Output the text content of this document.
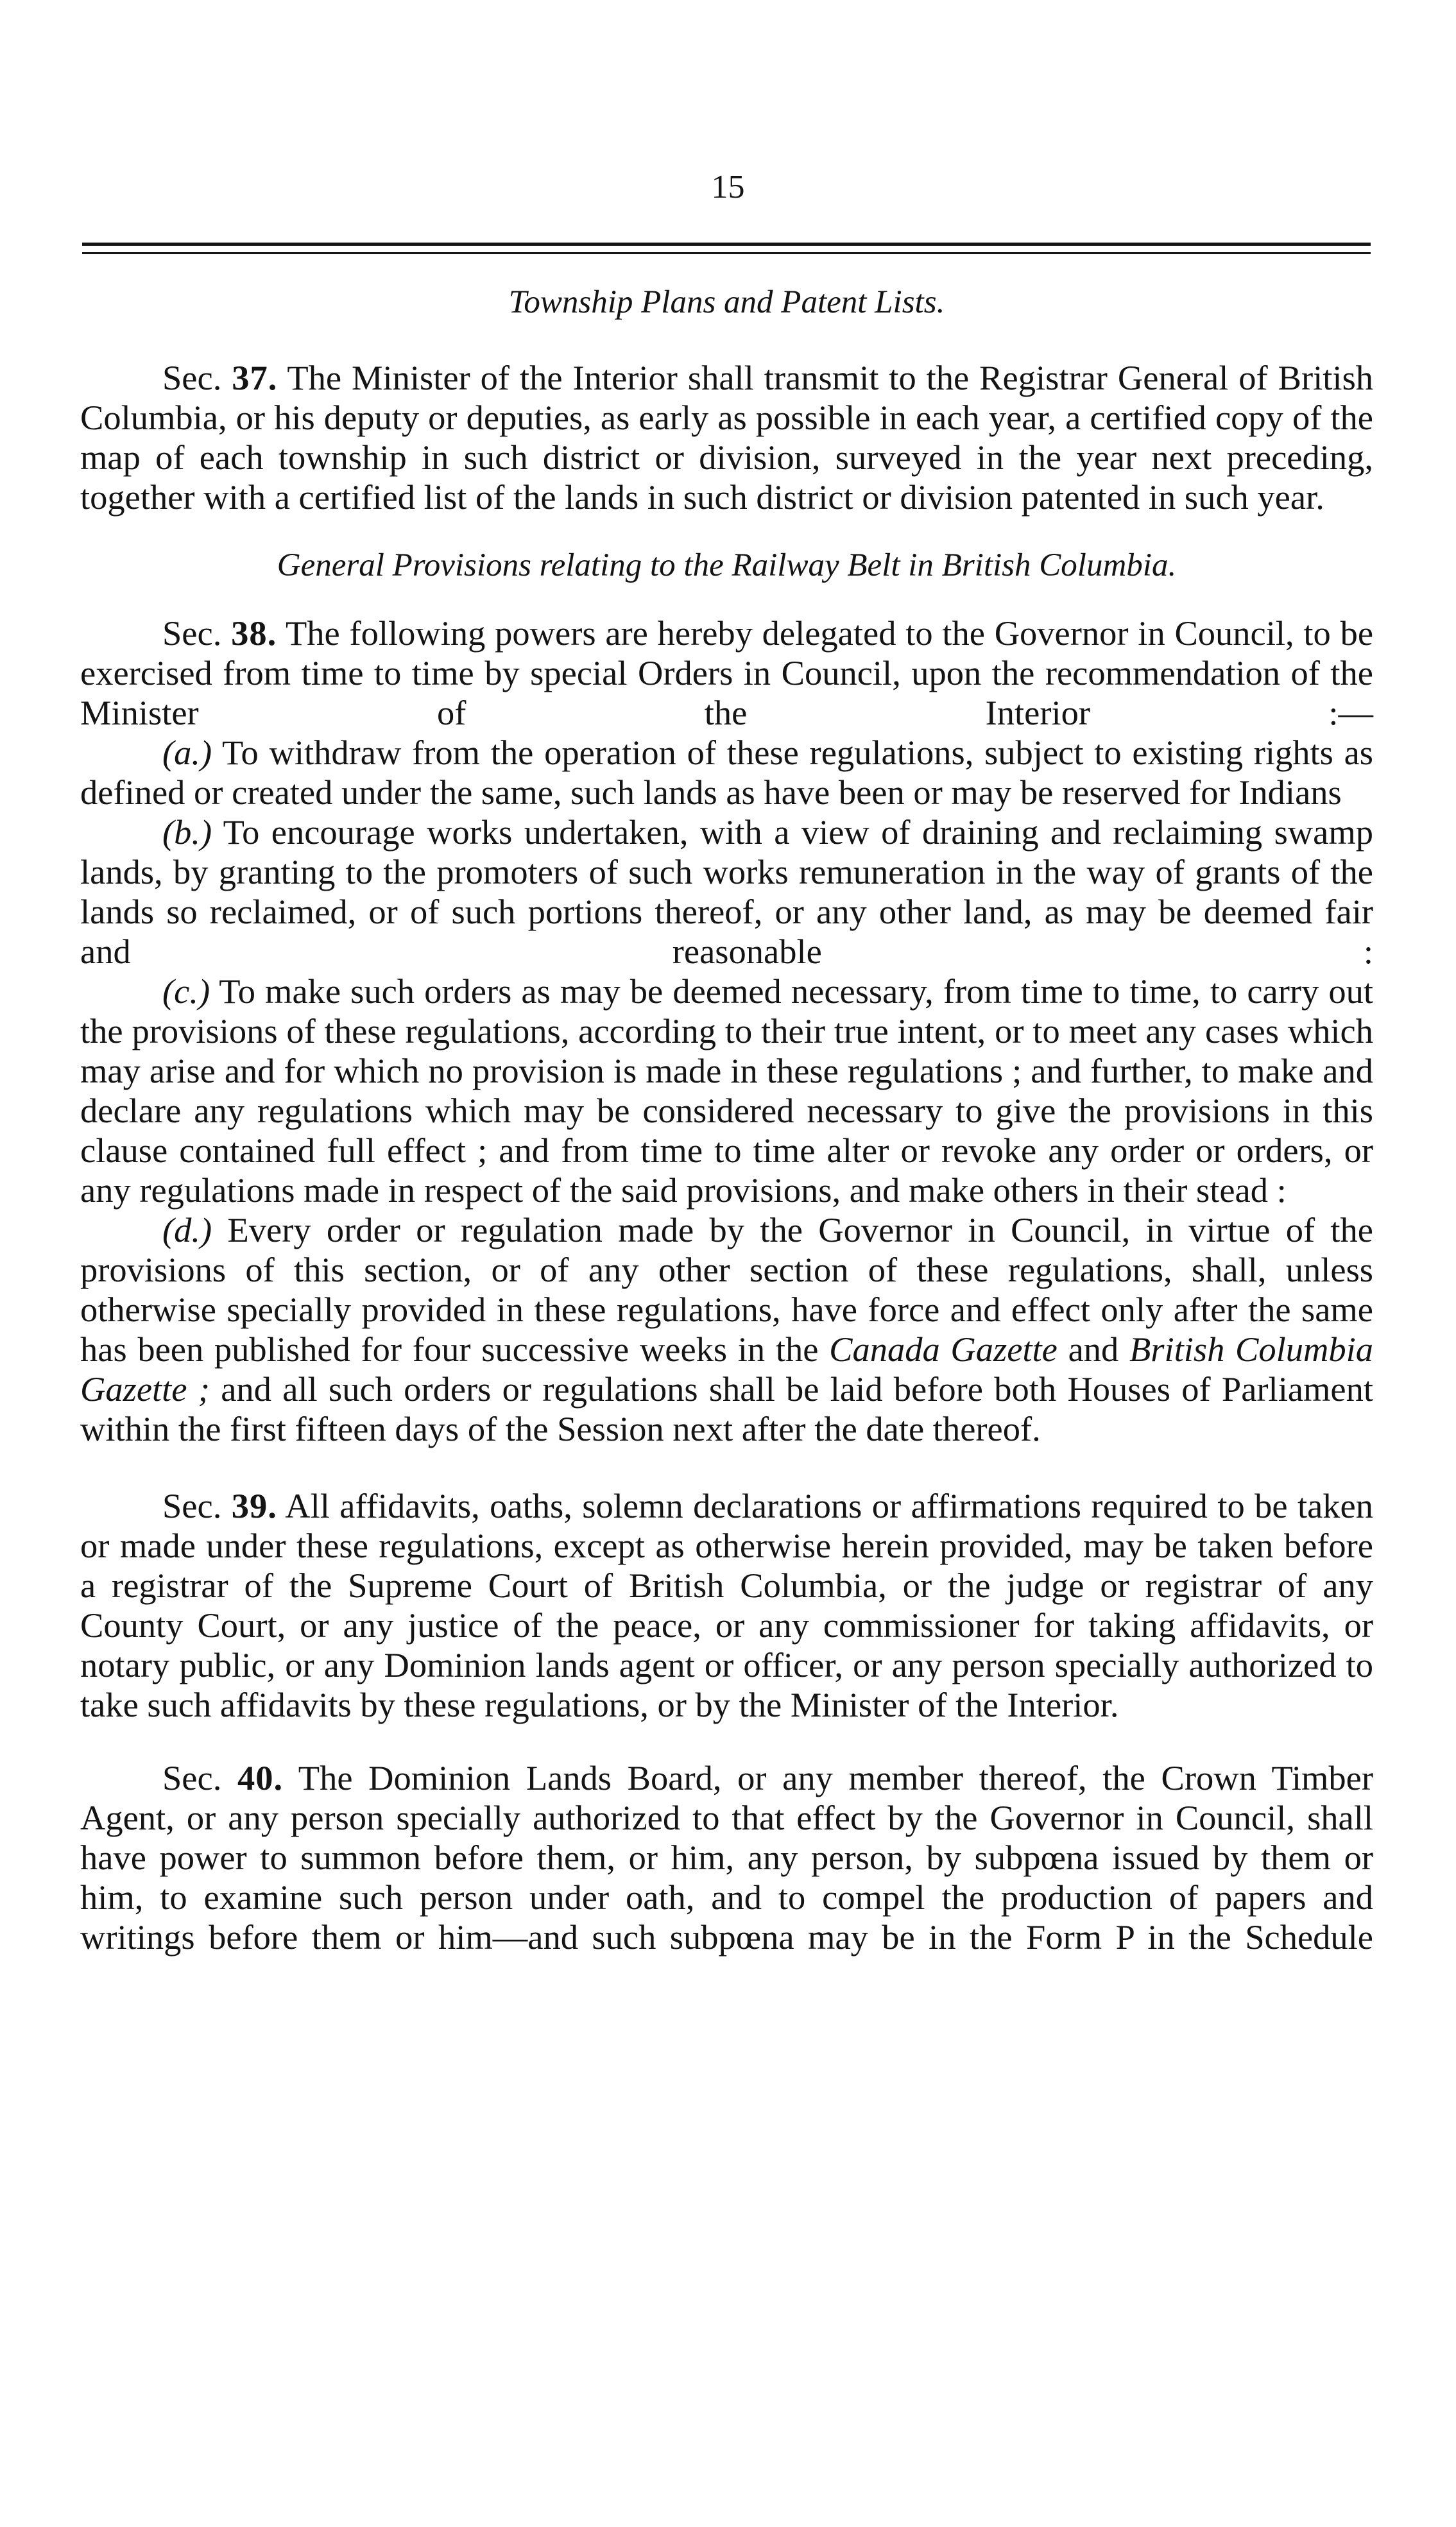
15

Township Plans and Patent Lists.

Sec. 37. The Minister of the Interior shall transmit to the Registrar General of British Columbia, or his deputy or deputies, as early as possible in each year, a certified copy of the map of each township in such district or division, surveyed in the year next preceding, together with a certified list of the lands in such district or division patented in such year.

General Provisions relating to the Railway Belt in British Columbia.

Sec. 38. The following powers are hereby delegated to the Governor in Council, to be exercised from time to time by special Orders in Council, upon the recommendation of the Minister of the Interior :—

(a.) To withdraw from the operation of these regulations, subject to existing rights as defined or created under the same, such lands as have been or may be reserved for Indians

(b.) To encourage works undertaken, with a view of draining and reclaiming swamp lands, by granting to the promoters of such works remuneration in the way of grants of the lands so reclaimed, or of such portions thereof, or any other land, as may be deemed fair and reasonable :

(c.) To make such orders as may be deemed necessary, from time to time, to carry out the provisions of these regulations, according to their true intent, or to meet any cases which may arise and for which no provision is made in these regulations ; and further, to make and declare any regulations which may be considered necessary to give the provisions in this clause contained full effect ; and from time to time alter or revoke any order or orders, or any regulations made in respect of the said provisions, and make others in their stead :

(d.) Every order or regulation made by the Governor in Council, in virtue of the provisions of this section, or of any other section of these regulations, shall, unless otherwise specially provided in these regulations, have force and effect only after the same has been published for four successive weeks in the Canada Gazette and British Columbia Gazette ; and all such orders or regulations shall be laid before both Houses of Parliament within the first fifteen days of the Session next after the date thereof.

Sec. 39. All affidavits, oaths, solemn declarations or affirmations required to be taken or made under these regulations, except as otherwise herein provided, may be taken before a registrar of the Supreme Court of British Columbia, or the judge or registrar of any County Court, or any justice of the peace, or any commissioner for taking affidavits, or notary public, or any Dominion lands agent or officer, or any person specially authorized to take such affidavits by these regulations, or by the Minister of the Interior.

Sec. 40. The Dominion Lands Board, or any member thereof, the Crown Timber Agent, or any person specially authorized to that effect by the Governor in Council, shall have power to summon before them, or him, any person, by subpœna issued by them or him, to examine such person under oath, and to compel the production of papers and writings before them or him—and such subpœna may be in the Form P in the Schedule
